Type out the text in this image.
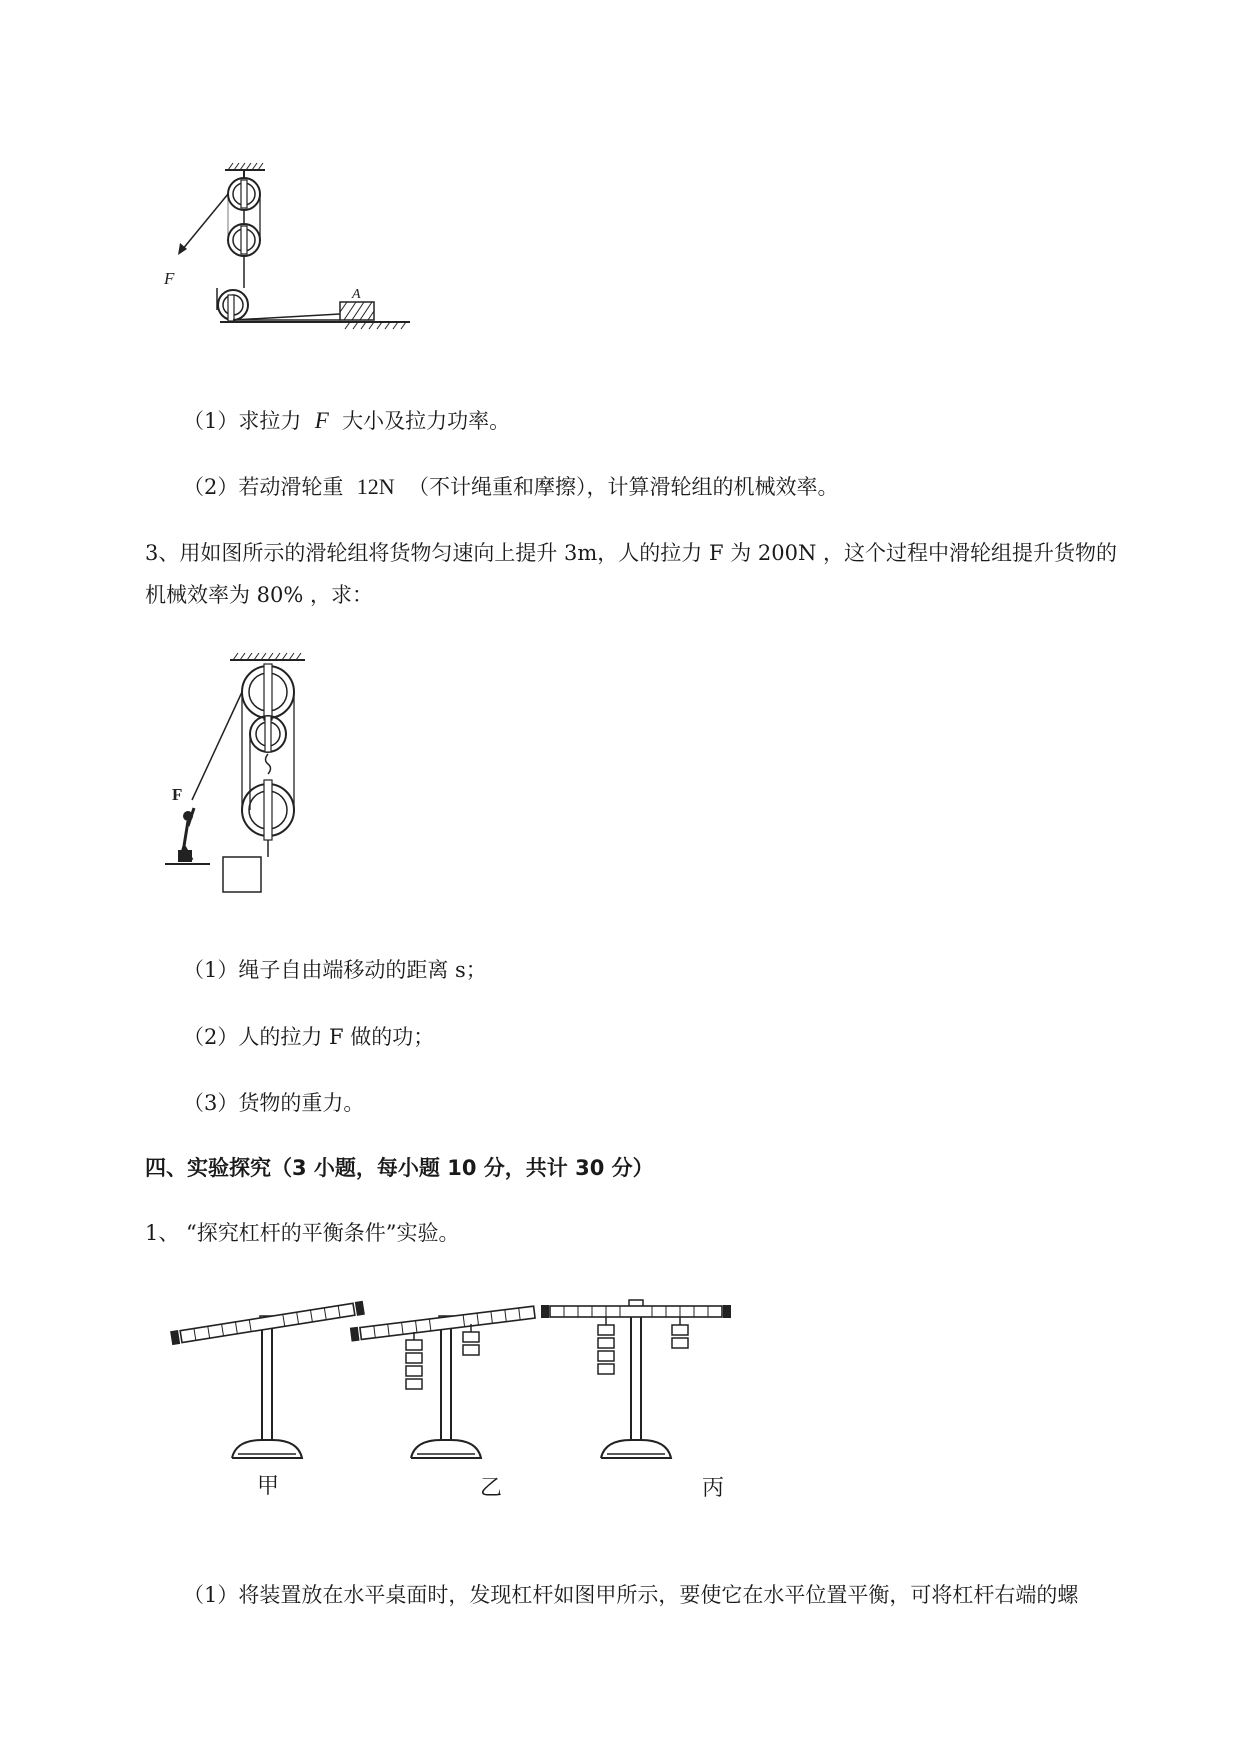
F
A
（1）求拉力 F 大小及拉力功率。
（2）若动滑轮重 12N （不计绳重和摩擦），计算滑轮组的机械效率。
3、用如图所示的滑轮组将货物匀速向上提升 3m，人的拉力 F 为 200N ，这个过程中滑轮组提升货物的
机械效率为 80% ，求：
F
（1）绳子自由端移动的距离 s；
（2）人的拉力 F 做的功；
（3）货物的重力。
四、实验探究（3 小题，每小题 10 分，共计 30 分）
1、 “探究杠杆的平衡条件”实验。
甲	乙	丙
（1）将装置放在水平桌面时，发现杠杆如图甲所示，要使它在水平位置平衡，可将杠杆右端的螺
